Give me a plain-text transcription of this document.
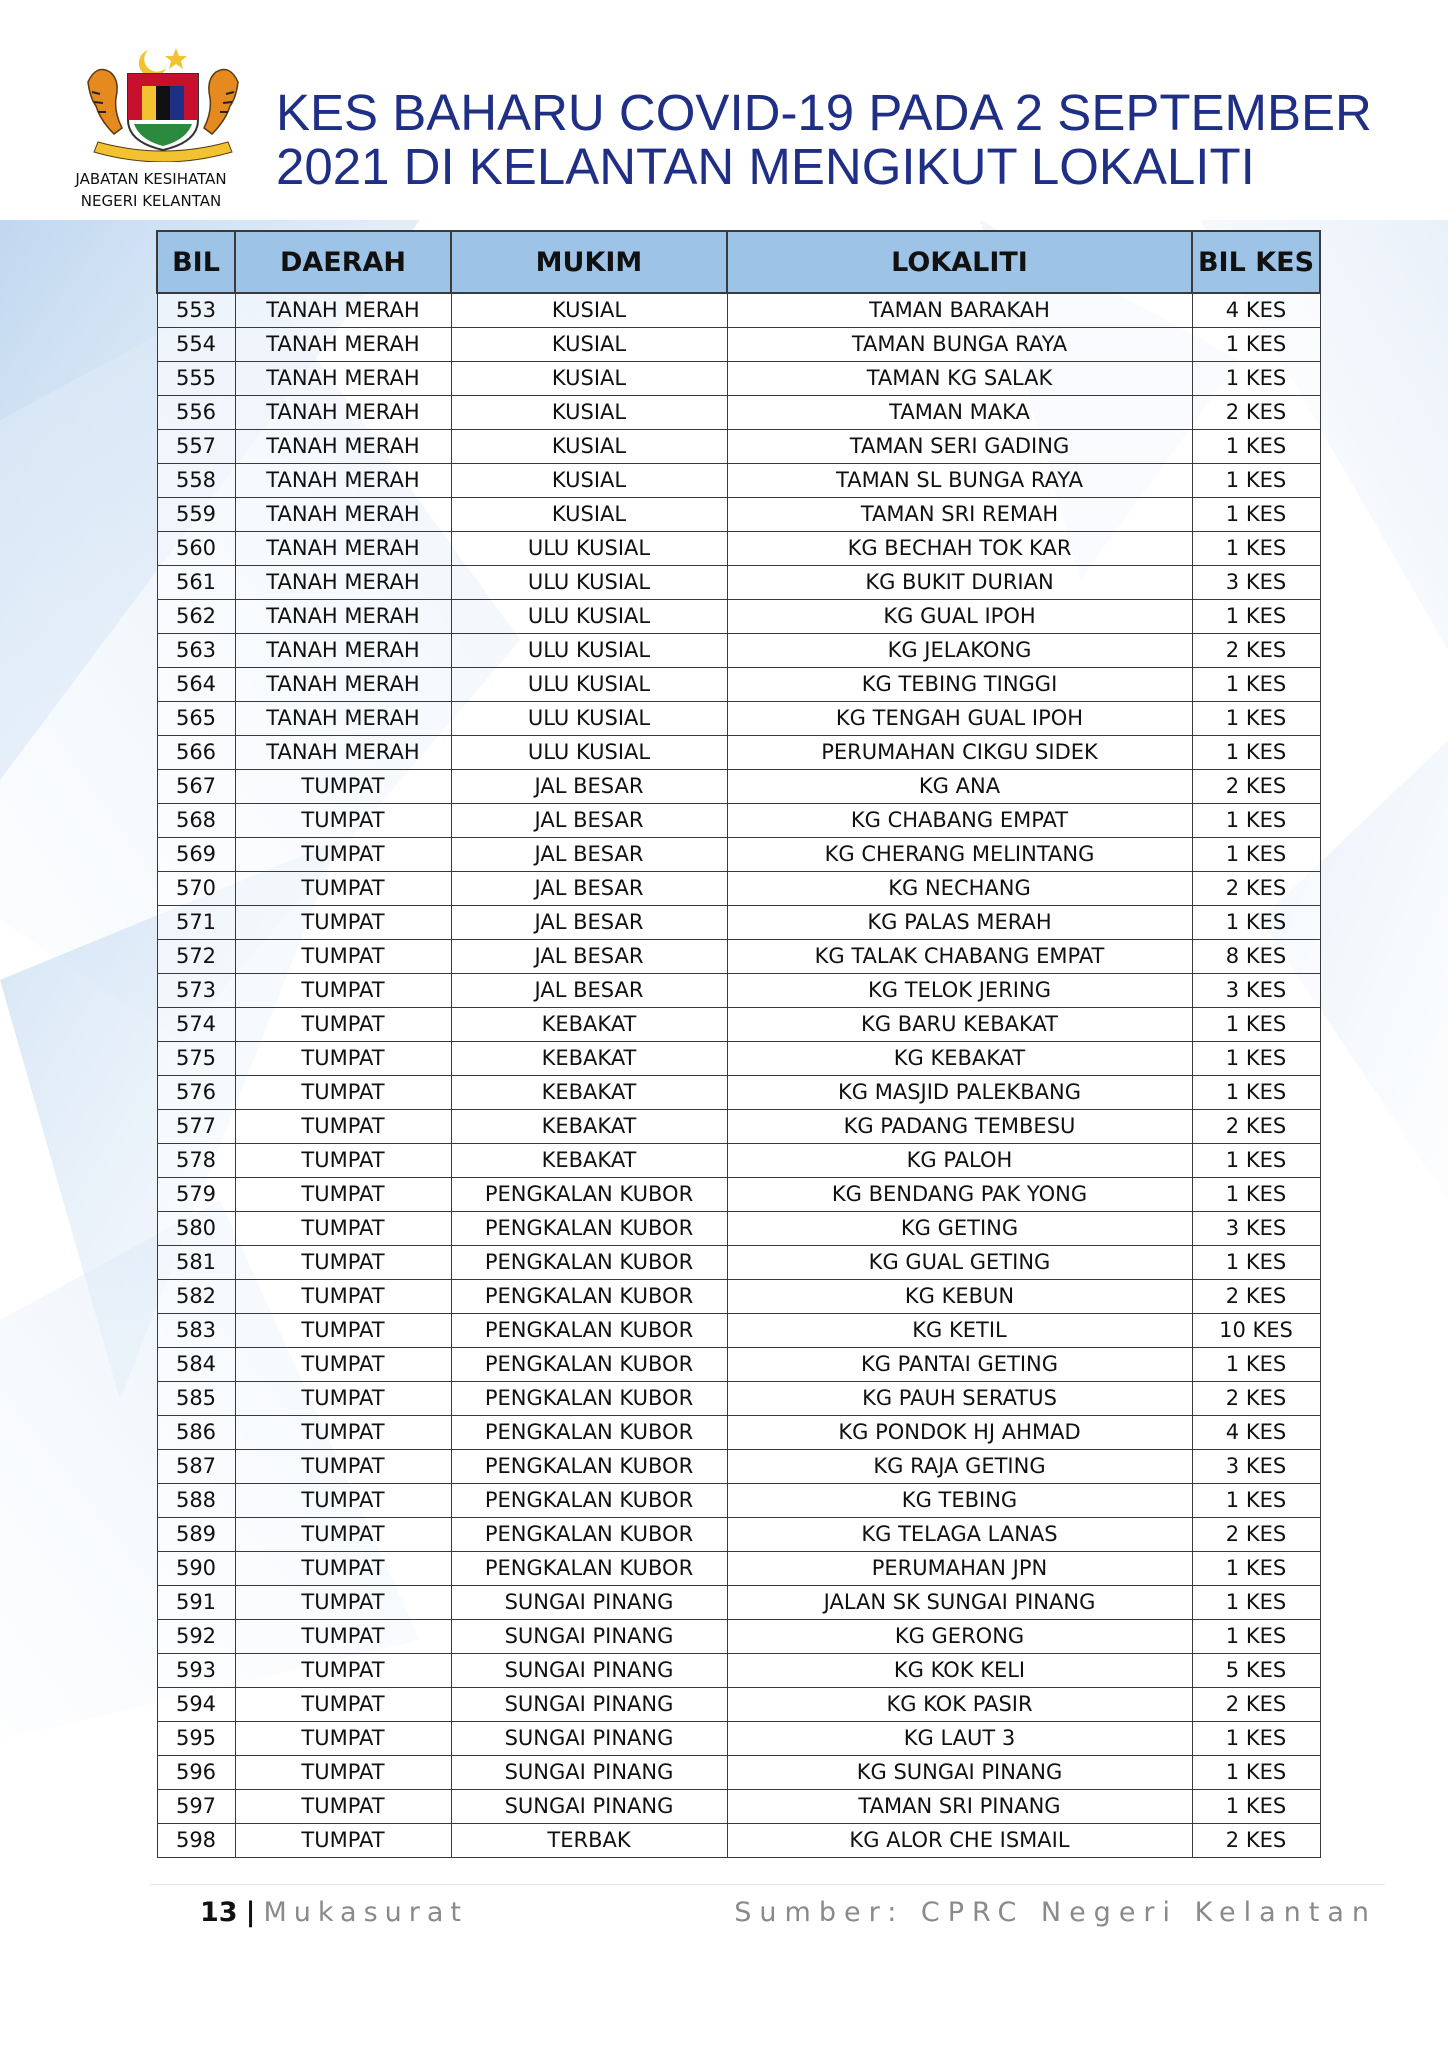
JABATAN KESIHATAN
NEGERI KELANTAN
KES BAHARU COVID-19 PADA 2 SEPTEMBER
2021 DI KELANTAN MENGIKUT LOKALITI
BIL	DAERAH	MUKIM	LOKALITI	BIL KES
553	TANAH MERAH	KUSIAL	TAMAN BARAKAH	4 KES
554	TANAH MERAH	KUSIAL	TAMAN BUNGA RAYA	1 KES
555	TANAH MERAH	KUSIAL	TAMAN KG SALAK	1 KES
556	TANAH MERAH	KUSIAL	TAMAN MAKA	2 KES
557	TANAH MERAH	KUSIAL	TAMAN SERI GADING	1 KES
558	TANAH MERAH	KUSIAL	TAMAN SL BUNGA RAYA	1 KES
559	TANAH MERAH	KUSIAL	TAMAN SRI REMAH	1 KES
560	TANAH MERAH	ULU KUSIAL	KG BECHAH TOK KAR	1 KES
561	TANAH MERAH	ULU KUSIAL	KG BUKIT DURIAN	3 KES
562	TANAH MERAH	ULU KUSIAL	KG GUAL IPOH	1 KES
563	TANAH MERAH	ULU KUSIAL	KG JELAKONG	2 KES
564	TANAH MERAH	ULU KUSIAL	KG TEBING TINGGI	1 KES
565	TANAH MERAH	ULU KUSIAL	KG TENGAH GUAL IPOH	1 KES
566	TANAH MERAH	ULU KUSIAL	PERUMAHAN CIKGU SIDEK	1 KES
567	TUMPAT	JAL BESAR	KG ANA	2 KES
568	TUMPAT	JAL BESAR	KG CHABANG EMPAT	1 KES
569	TUMPAT	JAL BESAR	KG CHERANG MELINTANG	1 KES
570	TUMPAT	JAL BESAR	KG NECHANG	2 KES
571	TUMPAT	JAL BESAR	KG PALAS MERAH	1 KES
572	TUMPAT	JAL BESAR	KG TALAK CHABANG EMPAT	8 KES
573	TUMPAT	JAL BESAR	KG TELOK JERING	3 KES
574	TUMPAT	KEBAKAT	KG BARU KEBAKAT	1 KES
575	TUMPAT	KEBAKAT	KG KEBAKAT	1 KES
576	TUMPAT	KEBAKAT	KG MASJID PALEKBANG	1 KES
577	TUMPAT	KEBAKAT	KG PADANG TEMBESU	2 KES
578	TUMPAT	KEBAKAT	KG PALOH	1 KES
579	TUMPAT	PENGKALAN KUBOR	KG BENDANG PAK YONG	1 KES
580	TUMPAT	PENGKALAN KUBOR	KG GETING	3 KES
581	TUMPAT	PENGKALAN KUBOR	KG GUAL GETING	1 KES
582	TUMPAT	PENGKALAN KUBOR	KG KEBUN	2 KES
583	TUMPAT	PENGKALAN KUBOR	KG KETIL	10 KES
584	TUMPAT	PENGKALAN KUBOR	KG PANTAI GETING	1 KES
585	TUMPAT	PENGKALAN KUBOR	KG PAUH SERATUS	2 KES
586	TUMPAT	PENGKALAN KUBOR	KG PONDOK HJ AHMAD	4 KES
587	TUMPAT	PENGKALAN KUBOR	KG RAJA GETING	3 KES
588	TUMPAT	PENGKALAN KUBOR	KG TEBING	1 KES
589	TUMPAT	PENGKALAN KUBOR	KG TELAGA LANAS	2 KES
590	TUMPAT	PENGKALAN KUBOR	PERUMAHAN JPN	1 KES
591	TUMPAT	SUNGAI PINANG	JALAN SK SUNGAI PINANG	1 KES
592	TUMPAT	SUNGAI PINANG	KG GERONG	1 KES
593	TUMPAT	SUNGAI PINANG	KG KOK KELI	5 KES
594	TUMPAT	SUNGAI PINANG	KG KOK PASIR	2 KES
595	TUMPAT	SUNGAI PINANG	KG LAUT 3	1 KES
596	TUMPAT	SUNGAI PINANG	KG SUNGAI PINANG	1 KES
597	TUMPAT	SUNGAI PINANG	TAMAN SRI PINANG	1 KES
598	TUMPAT	TERBAK	KG ALOR CHE ISMAIL	2 KES
13 | Mukasurat	Sumber: CPRC Negeri Kelantan
